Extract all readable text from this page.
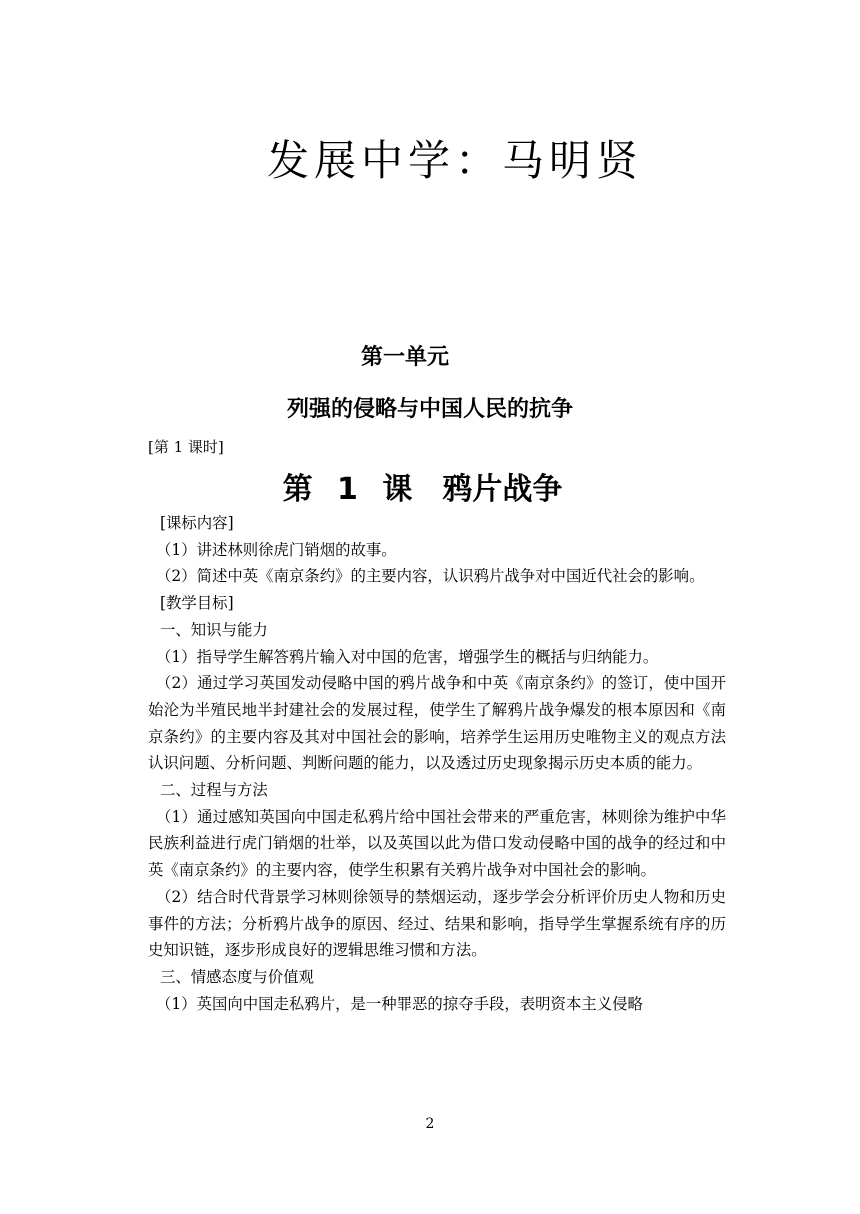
发展中学：马明贤
第一单元
列强的侵略与中国人民的抗争
[第 1 课时]
第 1 课　鸦片战争

[课标内容]

（1）讲述林则徐虎门销烟的故事。

（2）简述中英《南京条约》的主要内容，认识鸦片战争对中国近代社会的影响。

[教学目标]

一、知识与能力

（1）指导学生解答鸦片输入对中国的危害，增强学生的概括与归纳能力。

（2）通过学习英国发动侵略中国的鸦片战争和中英《南京条约》的签订，使中国开始沦为半殖民地半封建社会的发展过程，使学生了解鸦片战争爆发的根本原因和《南京条约》的主要内容及其对中国社会的影响，培养学生运用历史唯物主义的观点方法认识问题、分析问题、判断问题的能力，以及透过历史现象揭示历史本质的能力。

二、过程与方法

（1）通过感知英国向中国走私鸦片给中国社会带来的严重危害，林则徐为维护中华民族利益进行虎门销烟的壮举，以及英国以此为借口发动侵略中国的战争的经过和中英《南京条约》的主要内容，使学生积累有关鸦片战争对中国社会的影响。

（2）结合时代背景学习林则徐领导的禁烟运动，逐步学会分析评价历史人物和历史事件的方法；分析鸦片战争的原因、经过、结果和影响，指导学生掌握系统有序的历史知识链，逐步形成良好的逻辑思维习惯和方法。

三、情感态度与价值观

（1）英国向中国走私鸦片，是一种罪恶的掠夺手段，表明资本主义侵略

2
